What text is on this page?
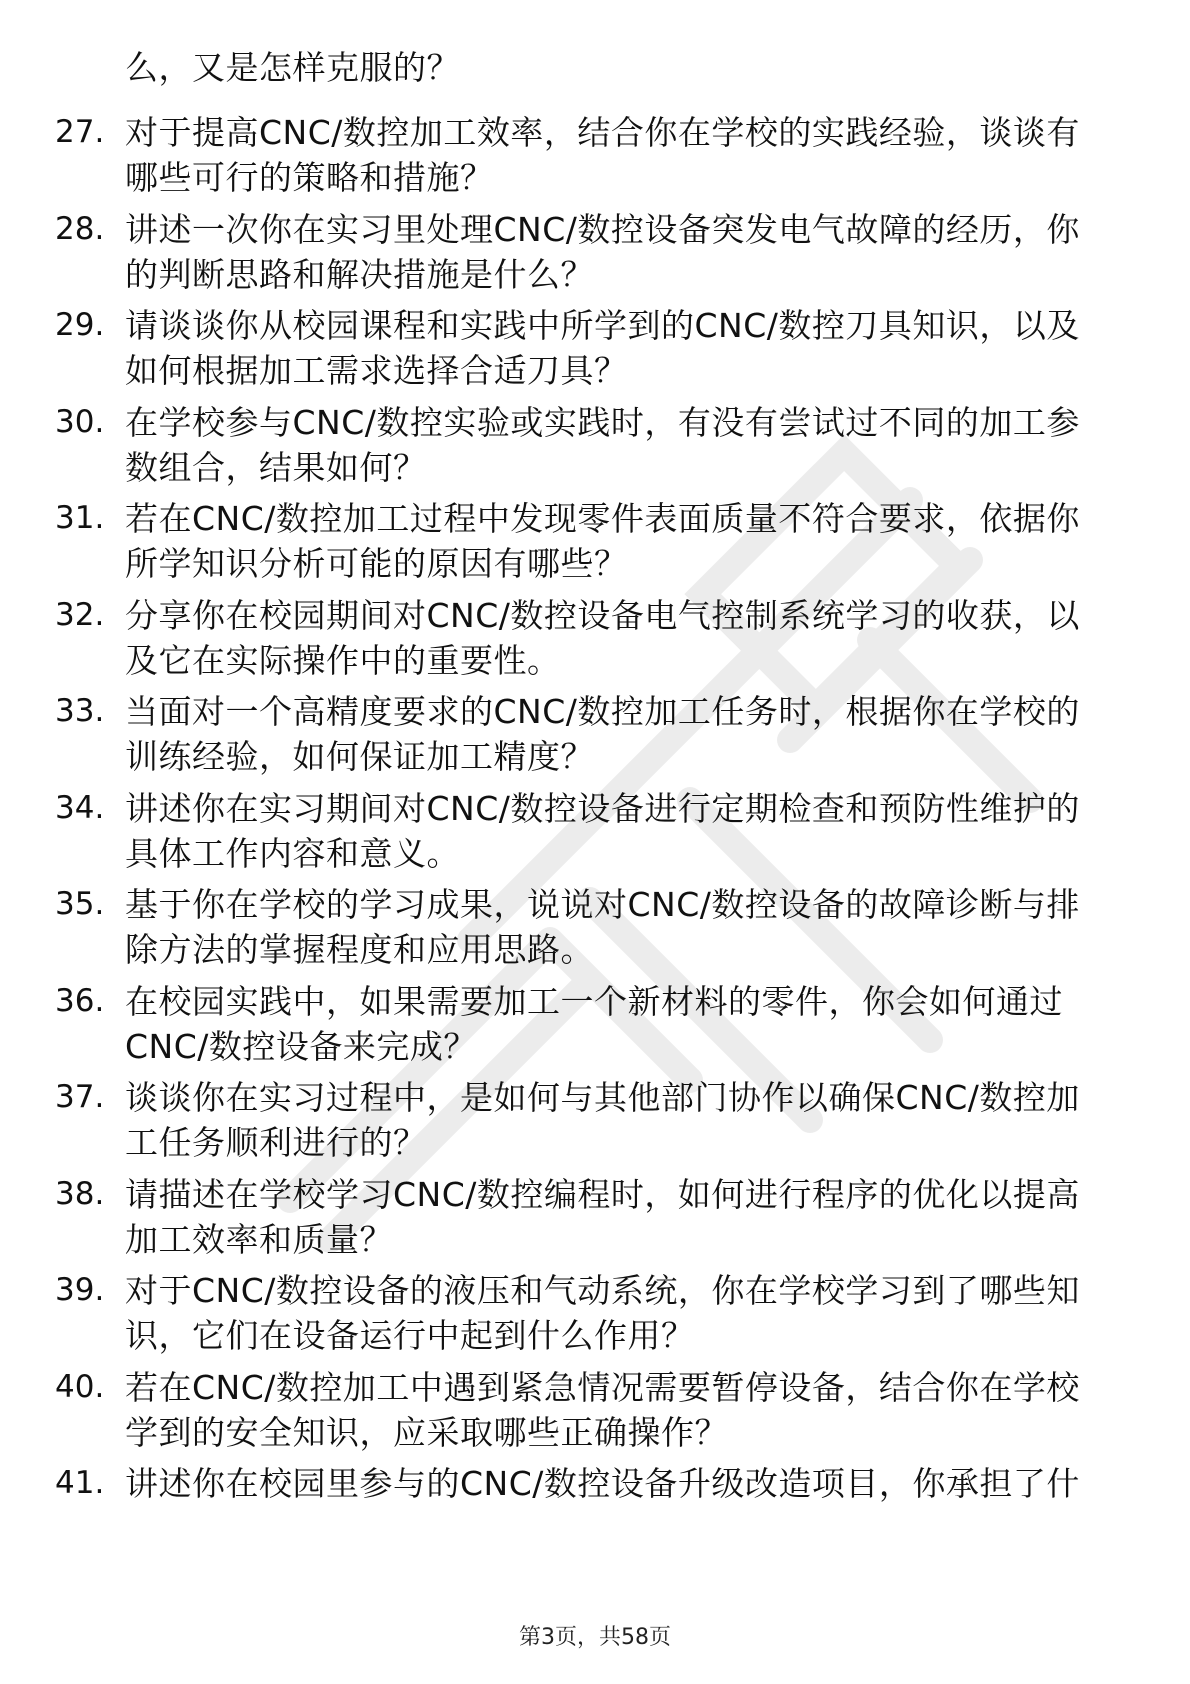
么，又是怎样克服的？
27. 对于提高CNC/数控加工效率，结合你在学校的实践经验，谈谈有
哪些可行的策略和措施？
28. 讲述一次你在实习里处理CNC/数控设备突发电气故障的经历，你
的判断思路和解决措施是什么？
29. 请谈谈你从校园课程和实践中所学到的CNC/数控刀具知识，以及
如何根据加工需求选择合适刀具？
30. 在学校参与CNC/数控实验或实践时，有没有尝试过不同的加工参
数组合，结果如何？
31. 若在CNC/数控加工过程中发现零件表面质量不符合要求，依据你
所学知识分析可能的原因有哪些？
32. 分享你在校园期间对CNC/数控设备电气控制系统学习的收获，以
及它在实际操作中的重要性。
33. 当面对一个高精度要求的CNC/数控加工任务时，根据你在学校的
训练经验，如何保证加工精度？
34. 讲述你在实习期间对CNC/数控设备进行定期检查和预防性维护的
具体工作内容和意义。
35. 基于你在学校的学习成果，说说对CNC/数控设备的故障诊断与排
除方法的掌握程度和应用思路。
36. 在校园实践中，如果需要加工一个新材料的零件，你会如何通过
CNC/数控设备来完成？
37. 谈谈你在实习过程中，是如何与其他部门协作以确保CNC/数控加
工任务顺利进行的？
38. 请描述在学校学习CNC/数控编程时，如何进行程序的优化以提高
加工效率和质量？
39. 对于CNC/数控设备的液压和气动系统，你在学校学习到了哪些知
识，它们在设备运行中起到什么作用？
40. 若在CNC/数控加工中遇到紧急情况需要暂停设备，结合你在学校
学到的安全知识，应采取哪些正确操作？
41. 讲述你在校园里参与的CNC/数控设备升级改造项目，你承担了什
第3页，共58页
